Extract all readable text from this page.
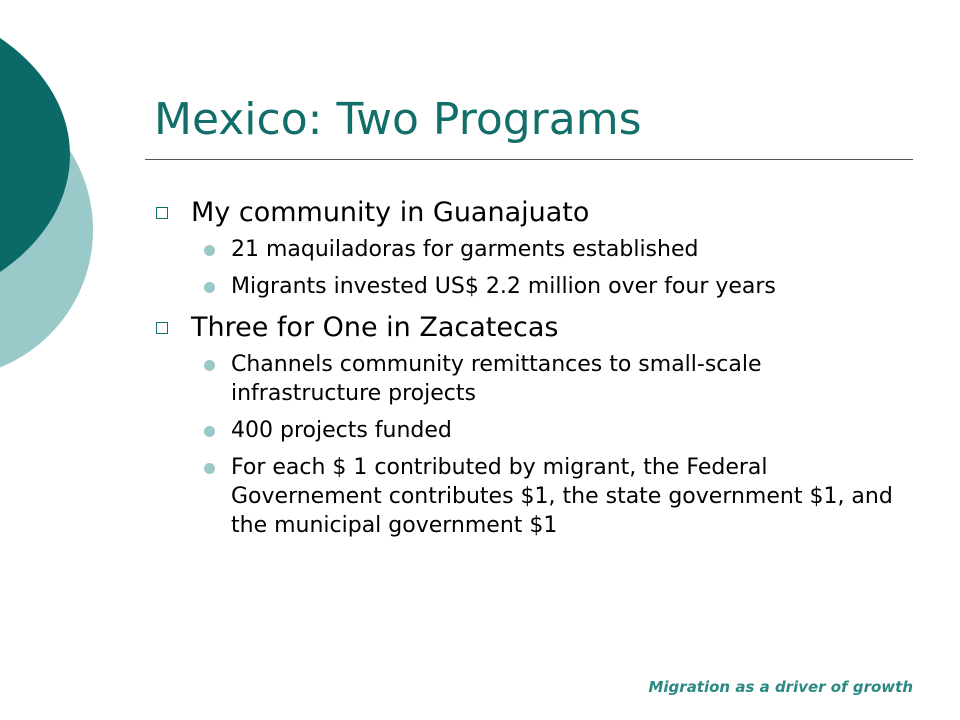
Mexico: Two Programs
My community in Guanajuato
21 maquiladoras for garments established
Migrants invested US$ 2.2 million over four years
Three for One in Zacatecas
Channels community remittances to small-scale infrastructure projects
400 projects funded
For each $ 1 contributed by migrant, the Federal Governement contributes $1, the state government $1, and the municipal government $1
Migration as a driver of growth
